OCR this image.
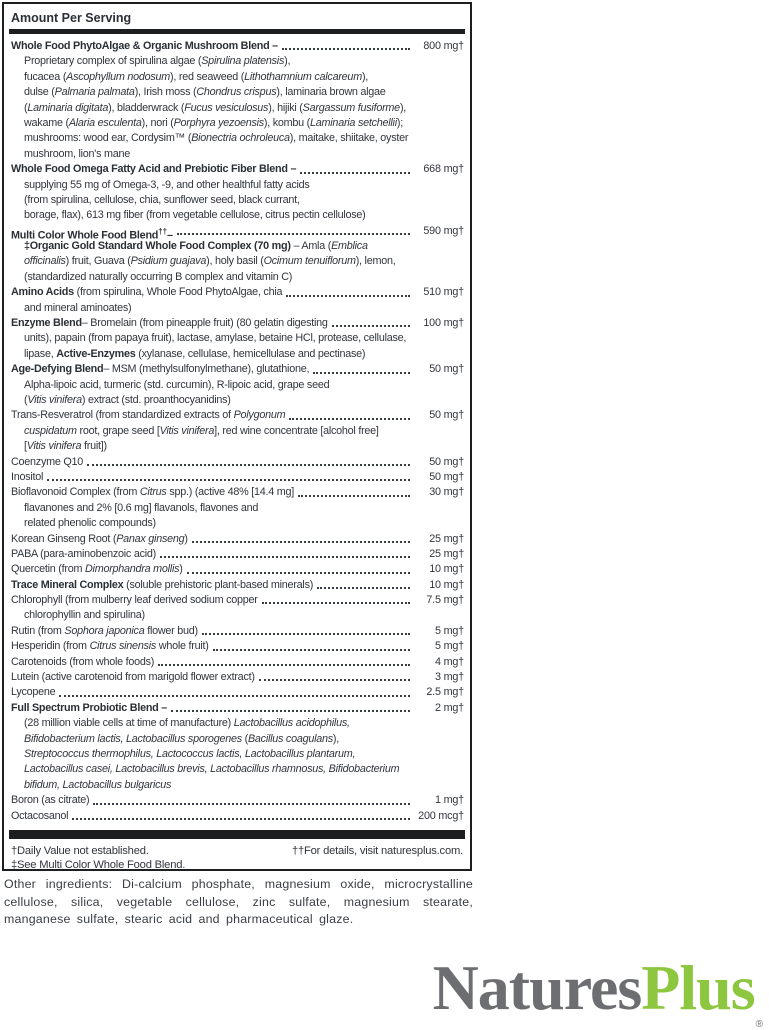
Amount Per Serving
Whole Food PhytoAlgae & Organic Mushroom Blend –	800 mg†
Proprietary complex of spirulina algae (Spirulina platensis),
fucacea (Ascophyllum nodosum), red seaweed (Lithothamnium calcareum),
dulse (Palmaria palmata), Irish moss (Chondrus crispus), laminaria brown algae
(Laminaria digitata), bladderwrack (Fucus vesiculosus), hijiki (Sargassum fusiforme),
wakame (Alaria esculenta), nori (Porphyra yezoensis), kombu (Laminaria setchellii);
mushrooms: wood ear, Cordysim™ (Bionectria ochroleuca), maitake, shiitake, oyster
mushroom, lion's mane
Whole Food Omega Fatty Acid and Prebiotic Fiber Blend –	668 mg†
supplying 55 mg of Omega-3, -9, and other healthful fatty acids
(from spirulina, cellulose, chia, sunflower seed, black currant,
borage, flax), 613 mg fiber (from vegetable cellulose, citrus pectin cellulose)
Multi Color Whole Food Blend††–	590 mg†
‡Organic Gold Standard Whole Food Complex (70 mg) – Amla (Emblica
officinalis) fruit, Guava (Psidium guajava), holy basil (Ocimum tenuiflorum), lemon,
(standardized naturally occurring B complex and vitamin C)
Amino Acids (from spirulina, Whole Food PhytoAlgae, chia	510 mg†
and mineral aminoates)
Enzyme Blend– Bromelain (from pineapple fruit) (80 gelatin digesting	100 mg†
units), papain (from papaya fruit), lactase, amylase, betaine HCl, protease, cellulase,
lipase, Active-Enzymes (xylanase, cellulase, hemicellulase and pectinase)
Age-Defying Blend– MSM (methylsulfonylmethane), glutathione,	50 mg†
Alpha-lipoic acid, turmeric (std. curcumin), R-lipoic acid, grape seed
(Vitis vinifera) extract (std. proanthocyanidins)
Trans-Resveratrol (from standardized extracts of Polygonum	50 mg†
cuspidatum root, grape seed [Vitis vinifera], red wine concentrate [alcohol free]
[Vitis vinifera fruit])
Coenzyme Q10	50 mg†
Inositol	50 mg†
Bioflavonoid Complex (from Citrus spp.) (active 48% [14.4 mg]	30 mg†
flavanones and 2% [0.6 mg] flavanols, flavones and
related phenolic compounds)
Korean Ginseng Root (Panax ginseng)	25 mg†
PABA (para-aminobenzoic acid)	25 mg†
Quercetin (from Dimorphandra mollis)	10 mg†
Trace Mineral Complex (soluble prehistoric plant-based minerals)	10 mg†
Chlorophyll (from mulberry leaf derived sodium copper	7.5 mg†
chlorophyllin and spirulina)
Rutin (from Sophora japonica flower bud)	5 mg†
Hesperidin (from Citrus sinensis whole fruit)	5 mg†
Carotenoids (from whole foods)	4 mg†
Lutein (active carotenoid from marigold flower extract)	3 mg†
Lycopene	2.5 mg†
Full Spectrum Probiotic Blend –	2 mg†
(28 million viable cells at time of manufacture) Lactobacillus acidophilus,
Bifidobacterium lactis, Lactobacillus sporogenes (Bacillus coagulans),
Streptococcus thermophilus, Lactococcus lactis, Lactobacillus plantarum,
Lactobacillus casei, Lactobacillus brevis, Lactobacillus rhamnosus, Bifidobacterium
bifidum, Lactobacillus bulgaricus
Boron (as citrate)	1 mg†
Octacosanol	200 mcg†
†Daily Value not established.
‡See Multi Color Whole Food Blend.
††For details, visit naturesplus.com.
Other ingredients: Di-calcium phosphate, magnesium oxide, microcrystalline cellulose, silica, vegetable cellulose, zinc sulfate, magnesium stearate, manganese sulfate, stearic acid and pharmaceutical glaze.
NaturesPlus$_®$
